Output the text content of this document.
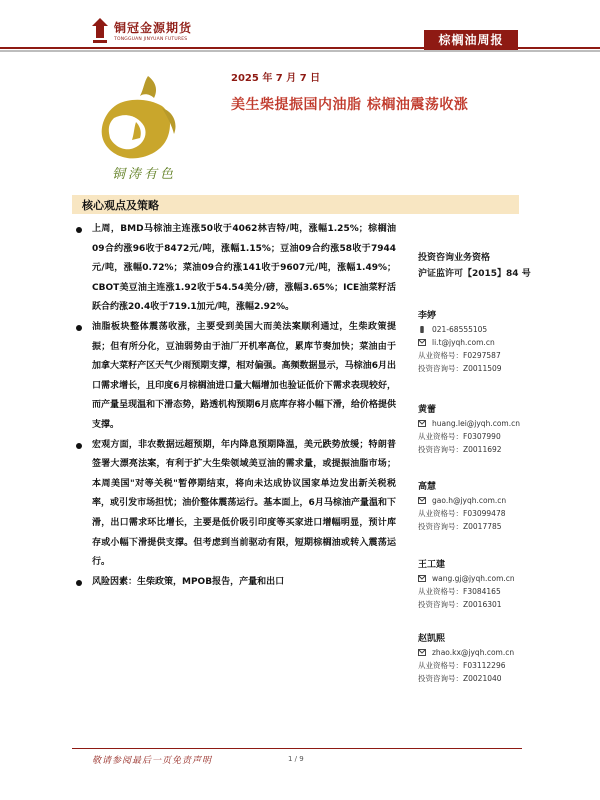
铜冠金源期货
TONGGUAN JINYUAN FUTURES	棕榈油周报
铜涛有色
2025 年 7 月 7 日
美生柴提振国内油脂 棕榈油震荡收涨
核心观点及策略

上周，BMD马棕油主连涨50收于4062林吉特/吨，涨幅1.25%；棕榈油09合约涨96收于8472元/吨，涨幅1.15%；豆油09合约涨58收于7944元/吨，涨幅0.72%；菜油09合约涨141收于9607元/吨，涨幅1.49%；CBOT美豆油主连涨1.92收于54.54美分/磅，涨幅3.65%；ICE油菜籽活跃合约涨20.4收于719.1加元/吨，涨幅2.92%。

油脂板块整体震荡收涨，主要受到美国大而美法案顺利通过，生柴政策提振；但有所分化，豆油弱势由于油厂开机率高位，累库节奏加快；菜油由于加拿大菜籽产区天气少雨预期支撑，相对偏强。高频数据显示，马棕油6月出口需求增长，且印度6月棕榈油进口量大幅增加也验证低价下需求表现较好，而产量呈现温和下滑态势，路透机构预期6月底库存将小幅下滑，给价格提供支撑。

宏观方面，非农数据远超预期，年内降息预期降温，美元跌势放缓；特朗普签署大漂亮法案，有利于扩大生柴领域美豆油的需求量，或提振油脂市场；本周美国"对等关税"暂停期结束，将向未达成协议国家单边发出新关税税率，或引发市场担忧；油价整体震荡运行。基本面上，6月马棕油产量温和下滑，出口需求环比增长，主要是低价吸引印度等买家进口增幅明显，预计库存或小幅下滑提供支撑。但考虑到当前驱动有限，短期棕榈油或转入震荡运行。

风险因素：生柴政策，MPOB报告，产量和出口

投资咨询业务资格
沪证监许可【2015】84 号
李婷
021-68555105
li.t@jyqh.com.cn
从业资格号：F0297587
投资咨询号：Z0011509
黄蕾
huang.lei@jyqh.com.cn
从业资格号：F0307990
投资咨询号：Z0011692
高慧
gao.h@jyqh.com.cn
从业资格号：F03099478
投资咨询号：Z0017785
王工建
wang.gj@jyqh.com.cn
从业资格号：F3084165
投资咨询号：Z0016301
赵凯熙
zhao.kx@jyqh.com.cn
从业资格号：F03112296
投资咨询号：Z0021040
敬请参阅最后一页免责声明	1 / 9
